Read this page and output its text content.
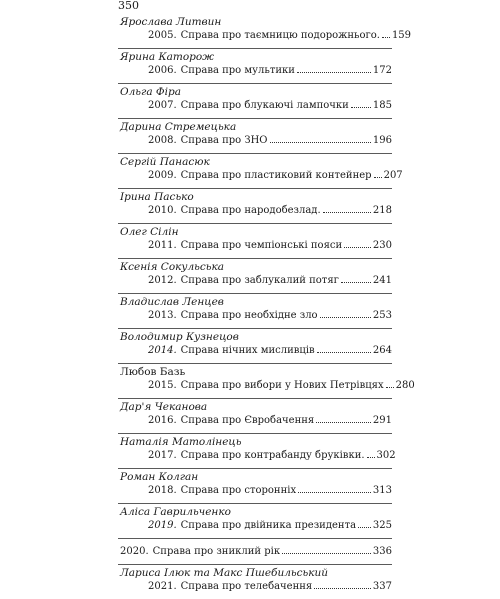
350
Ярослава Литвин
2005. Справа про таємницю подорожнього. 159
Ярина Каторож
2006. Справа про мультики	172
Ольга Фіра
2007. Справа про блукаючі лампочки 185
Дарина Стремецька
2008. Справа про ЗНО	196
Сергій Панасюк
2009. Справа про пластиковий контейнер 207
Ірина Пасько
2010. Справа про народобезлад.	218
Олег Сілін
2011. Справа про чемпіонські пояси	230
Ксенія Сокульська
2012. Справа про заблукалий потяг	241
Владислав Ленцев
2013. Справа про необхідне зло	253
Володимир Кузнецов
2014. Справа нічних мисливців	264
Любов Базь
2015. Справа про вибори у Нових Петрівцях 280
Дар'я Чеканова
2016. Справа про Євробачення	291
Наталія Матолінець
2017. Справа про контрабанду бруківки. 302
Роман Колган
2018. Справа про сторонніх	313
Аліса Гаврильченко
2019. Справа про двійника президента 325
2020. Справа про зниклий рік	336
Лариса Ілюк та Макс Пшебильський
2021. Справа про телебачення	337
